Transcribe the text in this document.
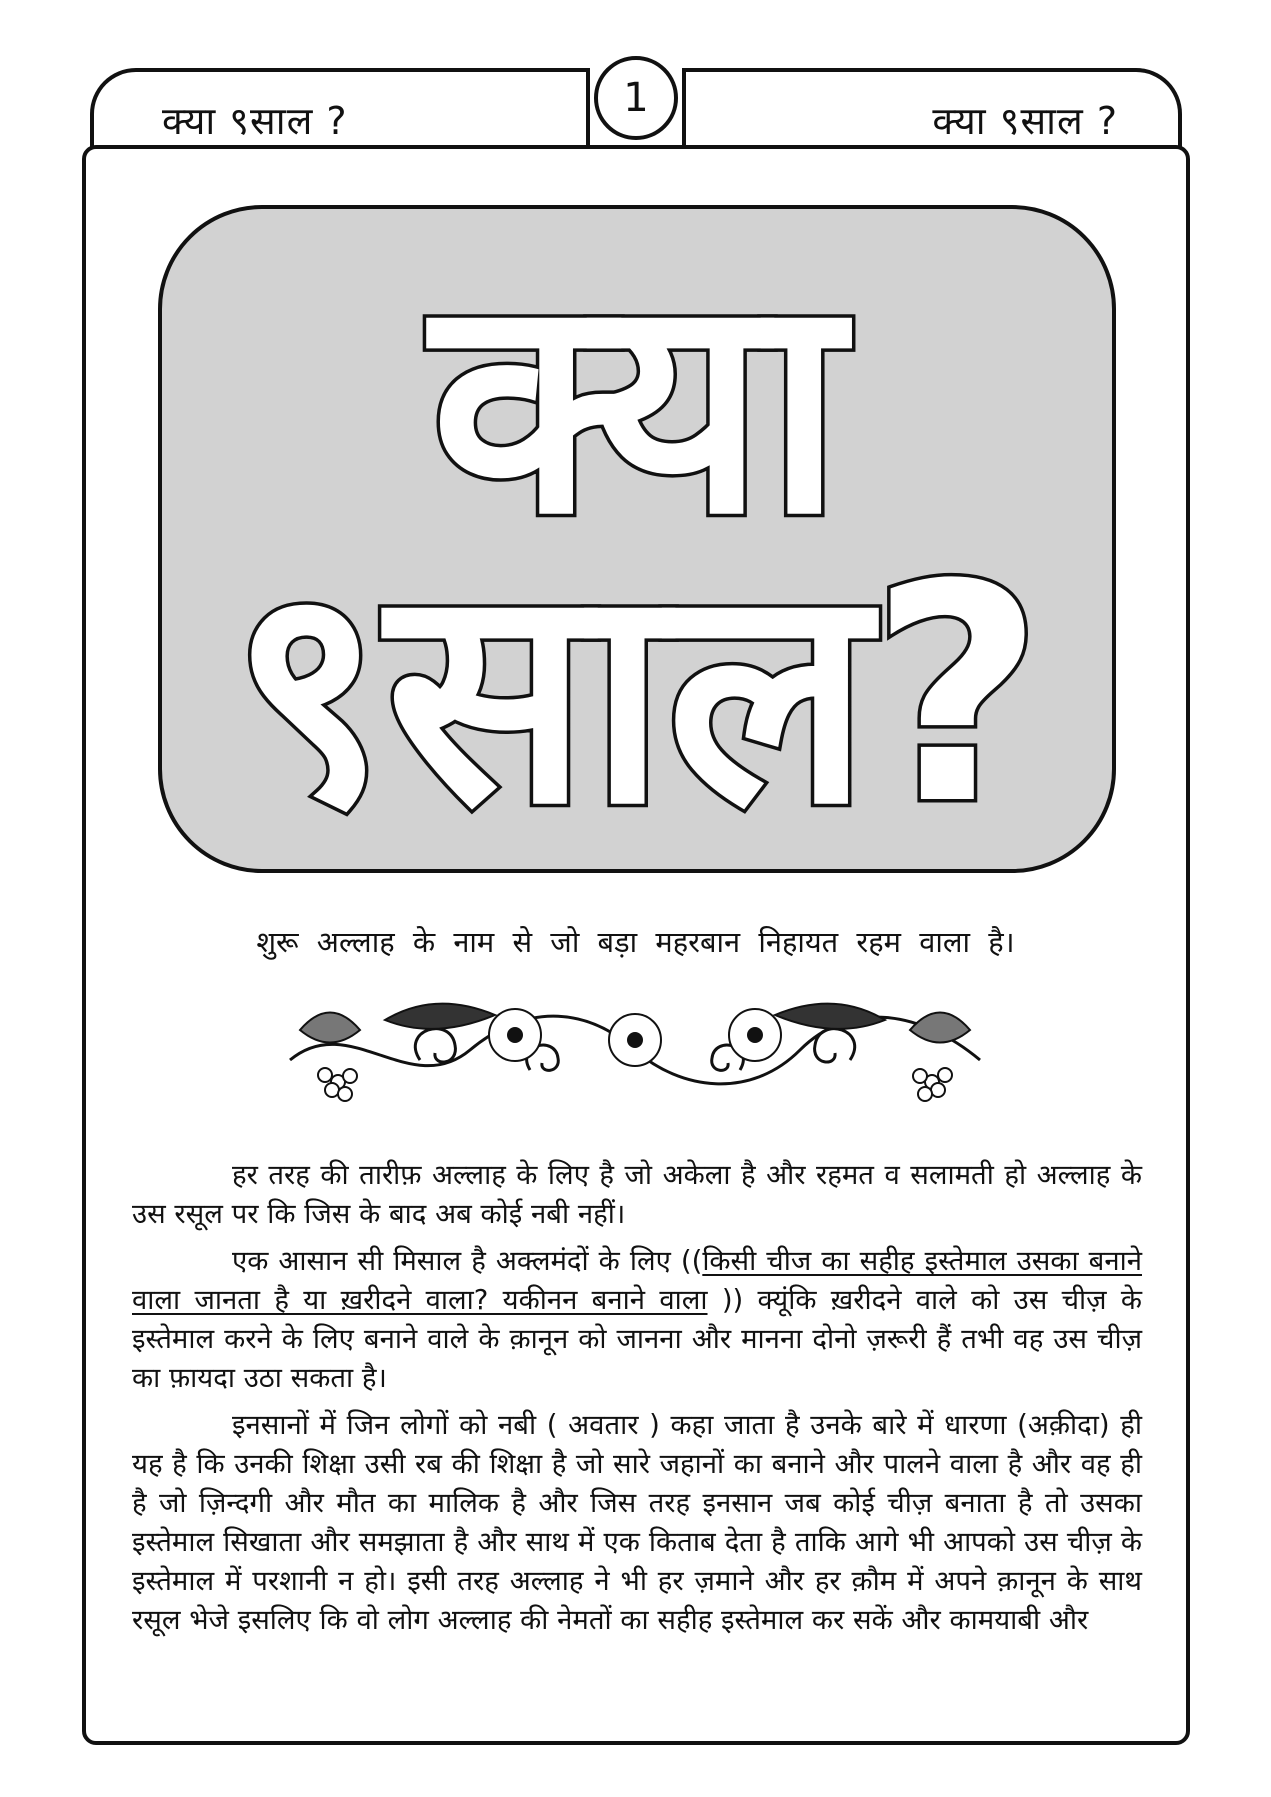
क्या ९साल ?	क्या ९साल ?
1
क्या
९साल?
शुरू अल्लाह के नाम से जो बड़ा महरबान निहायत रहम वाला है।

हर तरह की तारीफ़ अल्लाह के लिए है जो अकेला है और रहमत व सलामती हो अल्लाह के उस रसूल पर कि जिस के बाद अब कोई नबी नहीं।

एक आसान सी मिसाल है अक्लमंदों के लिए ((किसी चीज का सहीह इस्तेमाल उसका बनाने वाला जानता है या ख़रीदने वाला? यकीनन बनाने वाला )) क्यूंकि ख़रीदने वाले को उस चीज़ के इस्तेमाल करने के लिए बनाने वाले के क़ानून को जानना और मानना दोनो ज़रूरी हैं तभी वह उस चीज़ का फ़ायदा उठा सकता है।

इनसानों में जिन लोगों को नबी ( अवतार ) कहा जाता है उनके बारे में धारणा (अक़ीदा) ही यह है कि उनकी शिक्षा उसी रब की शिक्षा है जो सारे जहानों का बनाने और पालने वाला है और वह ही है जो ज़िन्दगी और मौत का मालिक है और जिस तरह इनसान जब कोई चीज़ बनाता है तो उसका इस्तेमाल सिखाता और समझाता है और साथ में एक किताब देता है ताकि आगे भी आपको उस चीज़ के इस्तेमाल में परशानी न हो। इसी तरह अल्लाह ने भी हर ज़माने और हर क़ौम में अपने क़ानून के साथ रसूल भेजे इसलिए कि वो लोग अल्लाह की नेमतों का सहीह इस्तेमाल कर सकें और कामयाबी और
